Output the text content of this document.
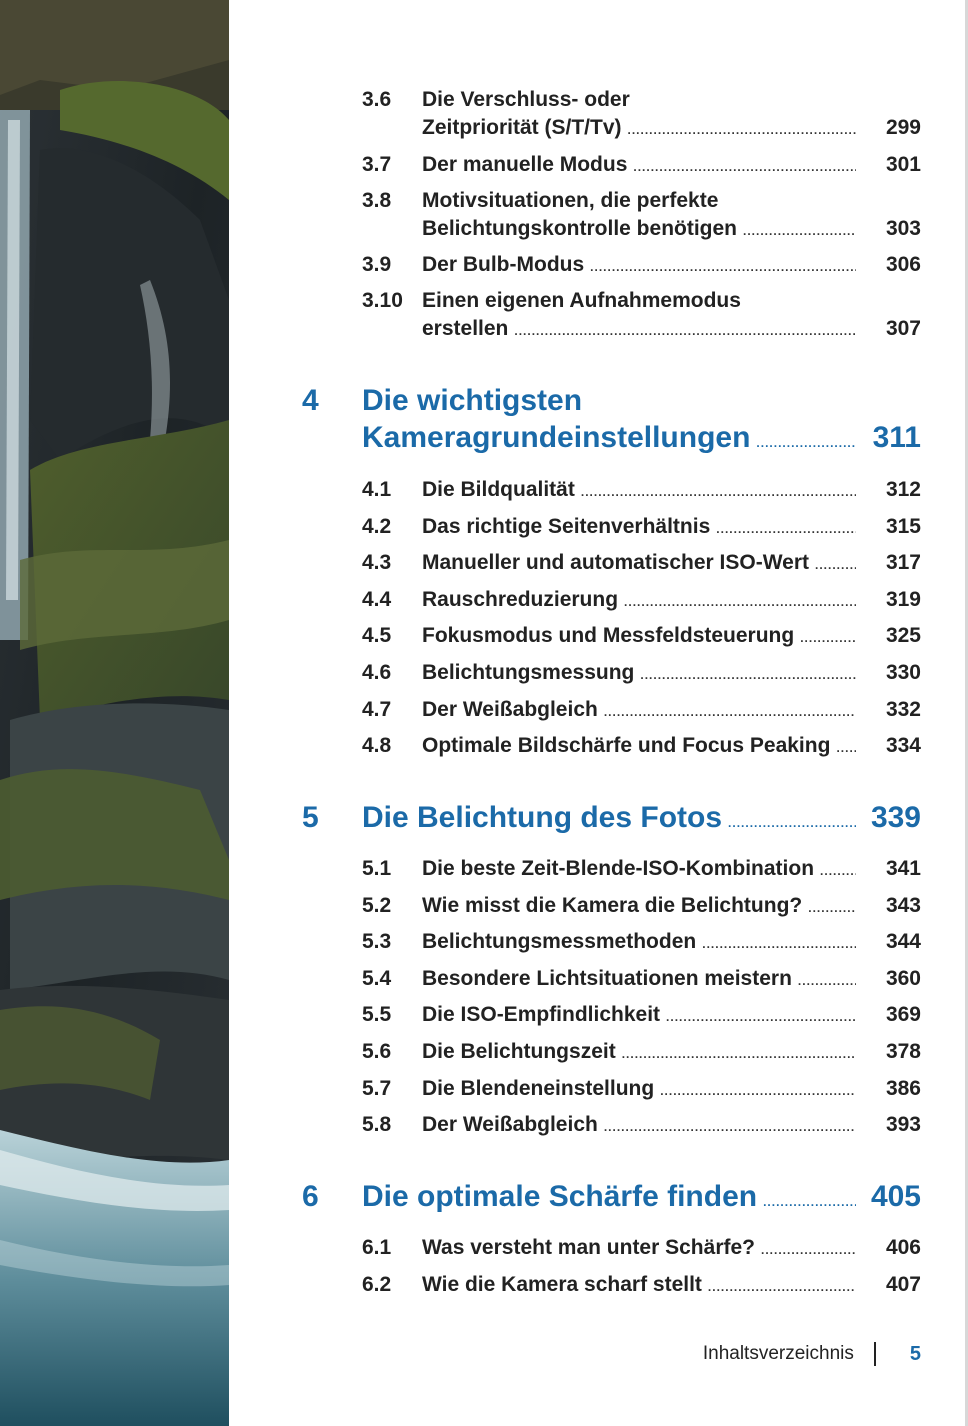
3.6 Die Verschluss- oder
Zeitpriorität (S/T/Tv) .....	299
3.7 Der manuelle Modus .....	301
3.8 Motivsituationen, die perfekte
Belichtungskontrolle benötigen .....	303
3.9 Der Bulb-Modus .....	306
3.10 Einen eigenen Aufnahmemodus
erstellen .....	307
4 Die wichtigsten
Kameragrundeinstellungen .....	311
4.1 Die Bildqualität .....	312
4.2 Das richtige Seitenverhältnis .....	315
4.3 Manueller und automatischer ISO-Wert .....	317
4.4 Rauschreduzierung .....	319
4.5 Fokusmodus und Messfeldsteuerung .....	325
4.6 Belichtungsmessung .....	330
4.7 Der Weißabgleich .....	332
4.8 Optimale Bildschärfe und Focus Peaking .....	334
5 Die Belichtung des Fotos .....	339
5.1 Die beste Zeit-Blende-ISO-Kombination .....	341
5.2 Wie misst die Kamera die Belichtung? .....	343
5.3 Belichtungsmessmethoden .....	344
5.4 Besondere Lichtsituationen meistern .....	360
5.5 Die ISO-Empfindlichkeit .....	369
5.6 Die Belichtungszeit .....	378
5.7 Die Blendeneinstellung .....	386
5.8 Der Weißabgleich .....	393
6 Die optimale Schärfe finden .....	405
6.1 Was versteht man unter Schärfe? .....	406
6.2 Wie die Kamera scharf stellt .....	407
Inhaltsverzeichnis	5
